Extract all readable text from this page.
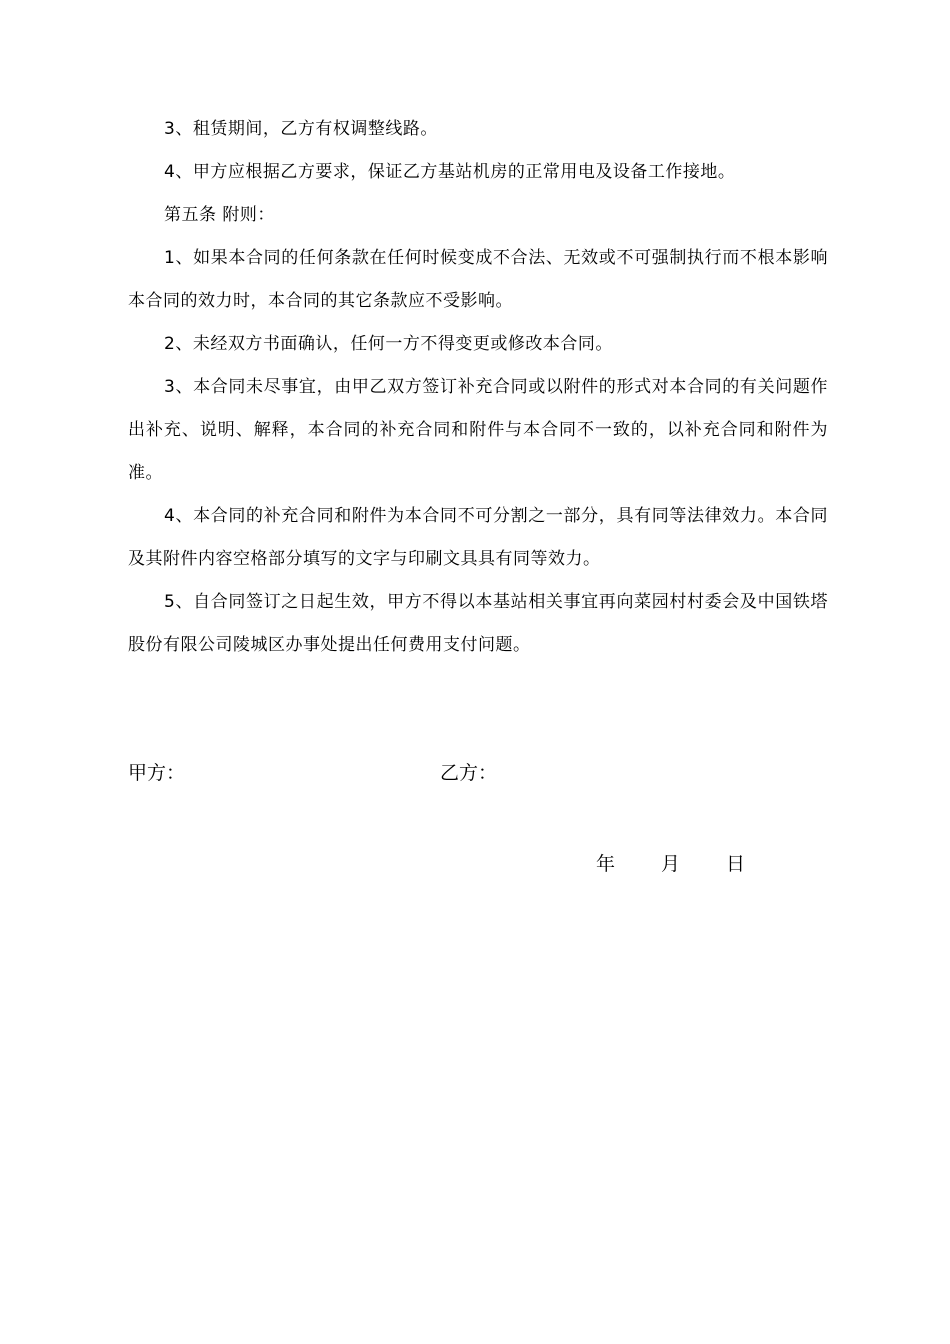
3、租赁期间，乙方有权调整线路。

4、甲方应根据乙方要求，保证乙方基站机房的正常用电及设备工作接地。

第五条 附则：

1、如果本合同的任何条款在任何时候变成不合法、无效或不可强制执行而不根本影响本合同的效力时，本合同的其它条款应不受影响。

2、未经双方书面确认，任何一方不得变更或修改本合同。

3、本合同未尽事宜，由甲乙双方签订补充合同或以附件的形式对本合同的有关问题作出补充、说明、解释，本合同的补充合同和附件与本合同不一致的，以补充合同和附件为准。

4、本合同的补充合同和附件为本合同不可分割之一部分，具有同等法律效力。本合同及其附件内容空格部分填写的文字与印刷文具具有同等效力。

5、自合同签订之日起生效，甲方不得以本基站相关事宜再向菜园村村委会及中国铁塔股份有限公司陵城区办事处提出任何费用支付问题。

甲方：	乙方：
年 月 日
